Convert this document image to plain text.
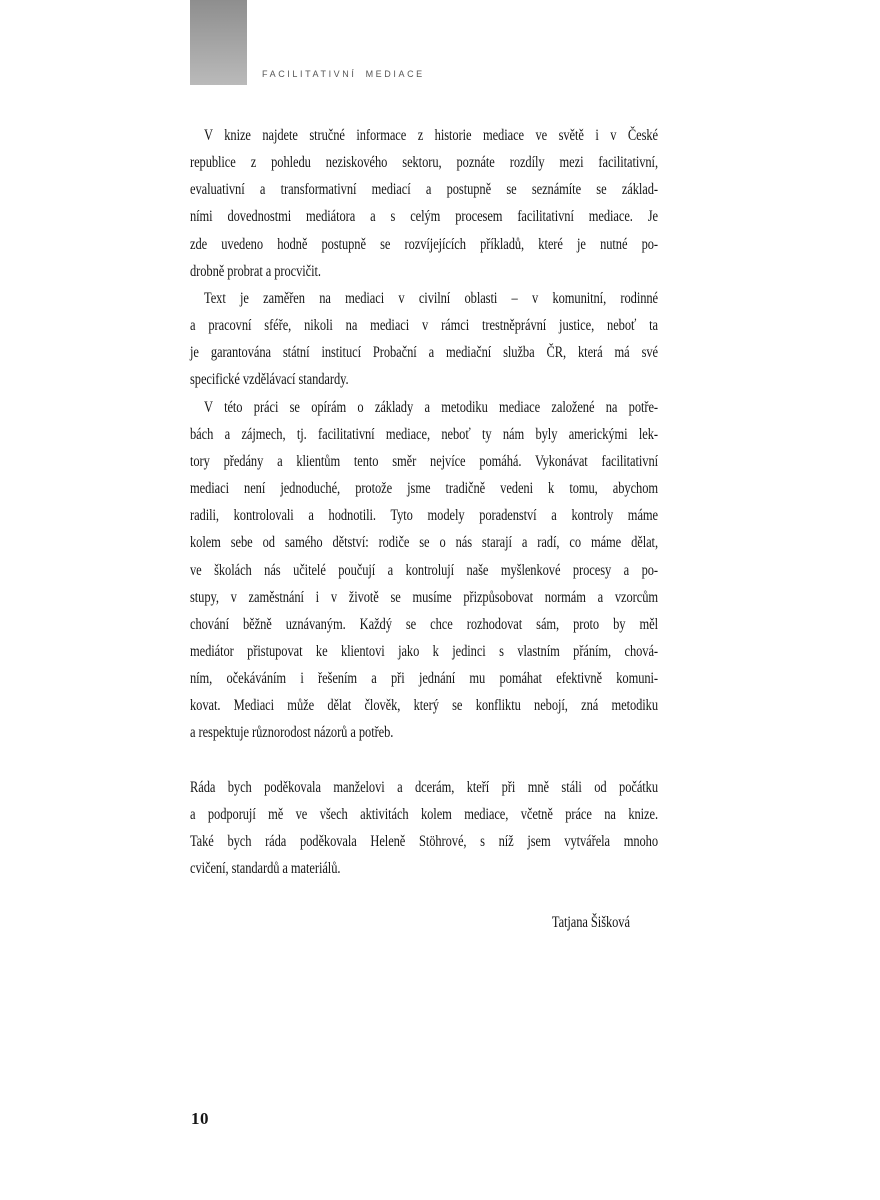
FACILITATIVNÍ MEDIACE

V knize najdete stručné informace z historie mediace ve světě i v České
republice z pohledu neziskového sektoru, poznáte rozdíly mezi facilitativní,
evaluativní a transformativní mediací a postupně se seznámíte se základ-
ními dovednostmi mediátora a s celým procesem facilitativní mediace. Je
zde uvedeno hodně postupně se rozvíjejících příkladů, které je nutné po-
drobně probrat a procvičit.

Text je zaměřen na mediaci v civilní oblasti – v komunitní, rodinné
a pracovní sféře, nikoli na mediaci v rámci trestněprávní justice, neboť ta
je garantována státní institucí Probační a mediační služba ČR, která má své
specifické vzdělávací standardy.

V této práci se opírám o základy a metodiku mediace založené na potře-
bách a zájmech, tj. facilitativní mediace, neboť ty nám byly americkými lek-
tory předány a klientům tento směr nejvíce pomáhá. Vykonávat facilitativní
mediaci není jednoduché, protože jsme tradičně vedeni k tomu, abychom
radili, kontrolovali a hodnotili. Tyto modely poradenství a kontroly máme
kolem sebe od samého dětství: rodiče se o nás starají a radí, co máme dělat,
ve školách nás učitelé poučují a kontrolují naše myšlenkové procesy a po-
stupy, v zaměstnání i v životě se musíme přizpůsobovat normám a vzorcům
chování běžně uznávaným. Každý se chce rozhodovat sám, proto by měl
mediátor přistupovat ke klientovi jako k jedinci s vlastním přáním, chová-
ním, očekáváním i řešením a při jednání mu pomáhat efektivně komuni-
kovat. Mediaci může dělat člověk, který se konfliktu nebojí, zná metodiku
a respektuje různorodost názorů a potřeb.

Ráda bych poděkovala manželovi a dcerám, kteří při mně stáli od počátku
a podporují mě ve všech aktivitách kolem mediace, včetně práce na knize.
Také bych ráda poděkovala Heleně Stöhrové, s níž jsem vytvářela mnoho
cvičení, standardů a materiálů.

Tatjana Šišková
10
